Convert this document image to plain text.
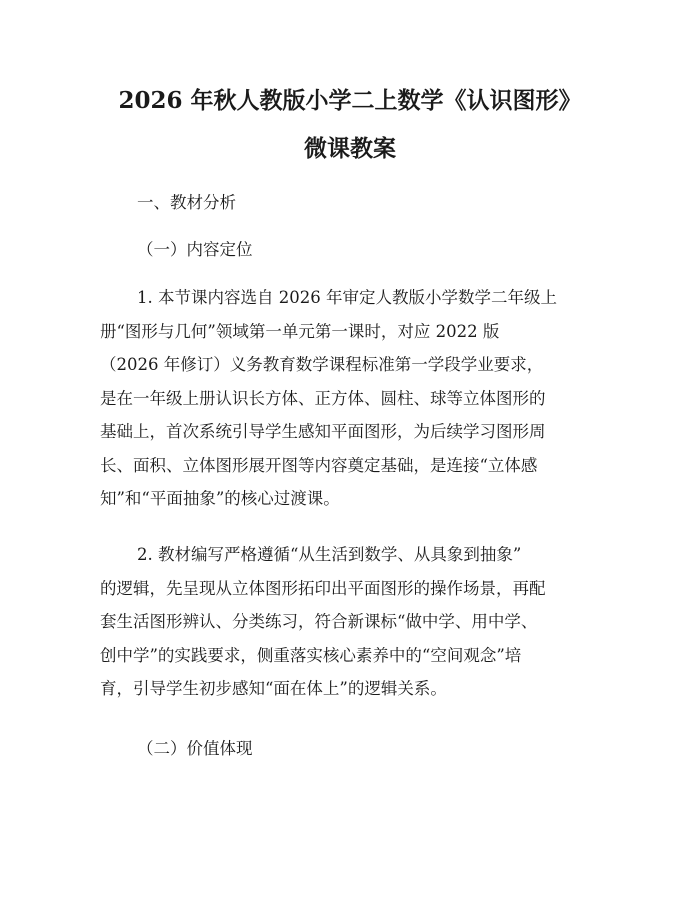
2026 年秋人教版小学二上数学《认识图形》
微课教案

一、教材分析

（一）内容定位

1. 本节课内容选自 2026 年审定人教版小学数学二年级上
册“图形与几何”领域第一单元第一课时，对应 2022 版
（2026 年修订）义务教育数学课程标准第一学段学业要求，
是在一年级上册认识长方体、正方体、圆柱、球等立体图形的
基础上，首次系统引导学生感知平面图形，为后续学习图形周
长、面积、立体图形展开图等内容奠定基础，是连接“立体感
知”和“平面抽象”的核心过渡课。

2. 教材编写严格遵循“从生活到数学、从具象到抽象”
的逻辑，先呈现从立体图形拓印出平面图形的操作场景，再配
套生活图形辨认、分类练习，符合新课标“做中学、用中学、
创中学”的实践要求，侧重落实核心素养中的“空间观念”培
育，引导学生初步感知“面在体上”的逻辑关系。

（二）价值体现
